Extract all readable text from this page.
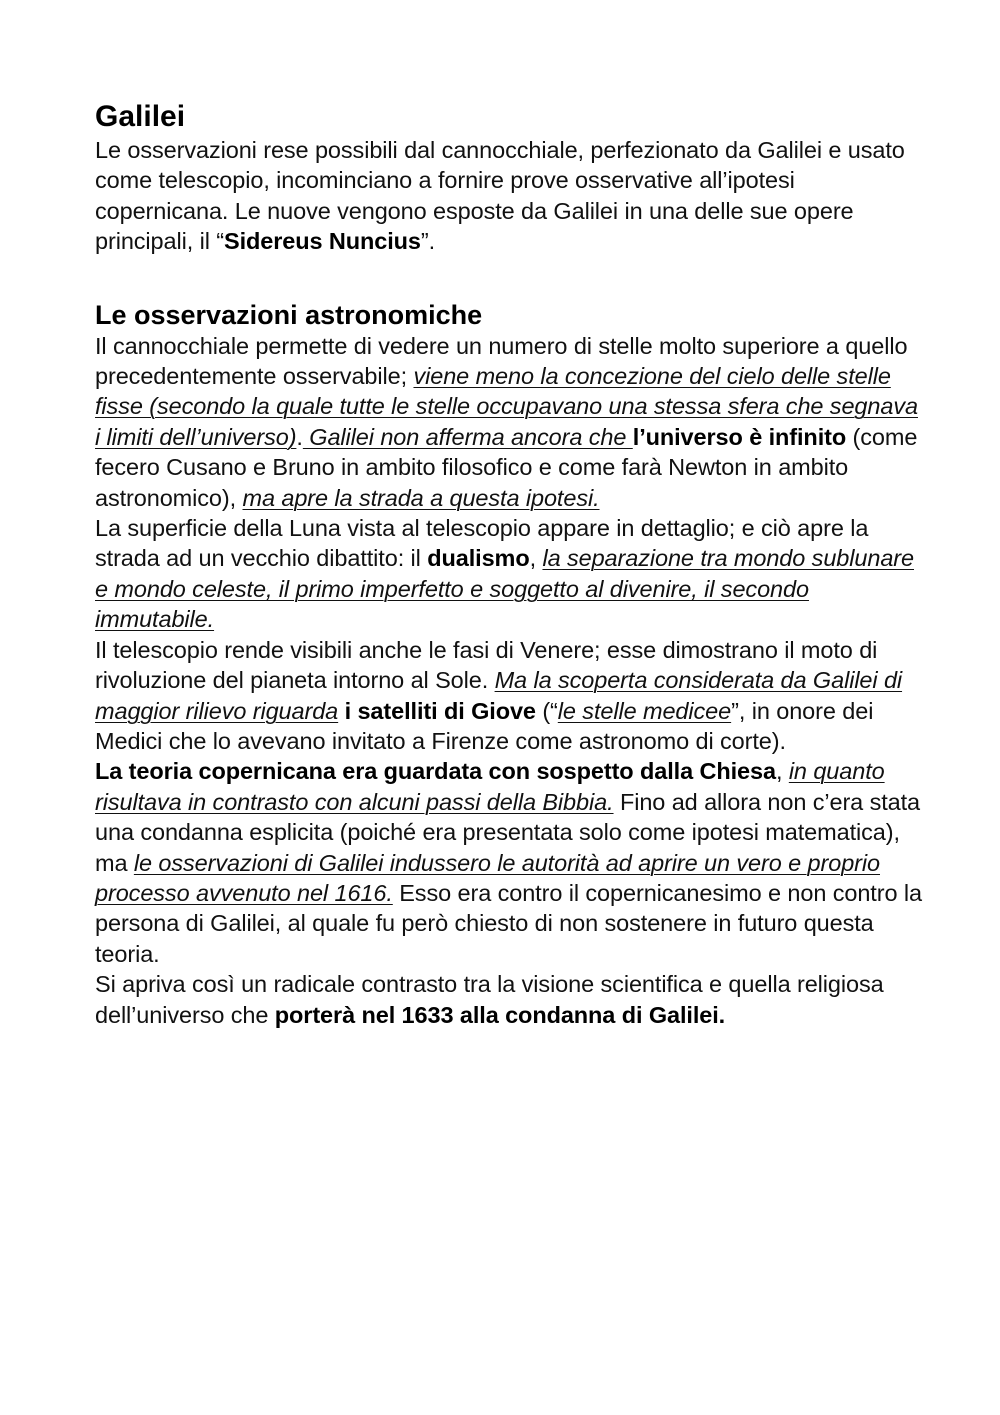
Galilei

Le osservazioni rese possibili dal cannocchiale, perfezionato da Galilei e usato come telescopio, incominciano a fornire prove osservative all’ipotesi copernicana. Le nuove vengono esposte da Galilei in una delle sue opere principali, il “Sidereus Nuncius”.

Le osservazioni astronomiche

Il cannocchiale permette di vedere un numero di stelle molto superiore a quello precedentemente osservabile; viene meno la concezione del cielo delle stelle fisse (secondo la quale tutte le stelle occupavano una stessa sfera che segnava i limiti dell’universo). Galilei non afferma ancora che l’universo è infinito (come fecero Cusano e Bruno in ambito filosofico e come farà Newton in ambito astronomico), ma apre la strada a questa ipotesi.

La superficie della Luna vista al telescopio appare in dettaglio; e ciò apre la strada ad un vecchio dibattito: il dualismo, la separazione tra mondo sublunare e mondo celeste, il primo imperfetto e soggetto al divenire, il secondo immutabile.

Il telescopio rende visibili anche le fasi di Venere; esse dimostrano il moto di rivoluzione del pianeta intorno al Sole. Ma la scoperta considerata da Galilei di maggior rilievo riguarda i satelliti di Giove (“le stelle medicee”, in onore dei Medici che lo avevano invitato a Firenze come astronomo di corte).

La teoria copernicana era guardata con sospetto dalla Chiesa, in quanto risultava in contrasto con alcuni passi della Bibbia. Fino ad allora non c’era stata una condanna esplicita (poiché era presentata solo come ipotesi matematica), ma le osservazioni di Galilei indussero le autorità ad aprire un vero e proprio processo avvenuto nel 1616. Esso era contro il copernicanesimo e non contro la persona di Galilei, al quale fu però chiesto di non sostenere in futuro questa teoria.

Si apriva così un radicale contrasto tra la visione scientifica e quella religiosa dell’universo che porterà nel 1633 alla condanna di Galilei.
